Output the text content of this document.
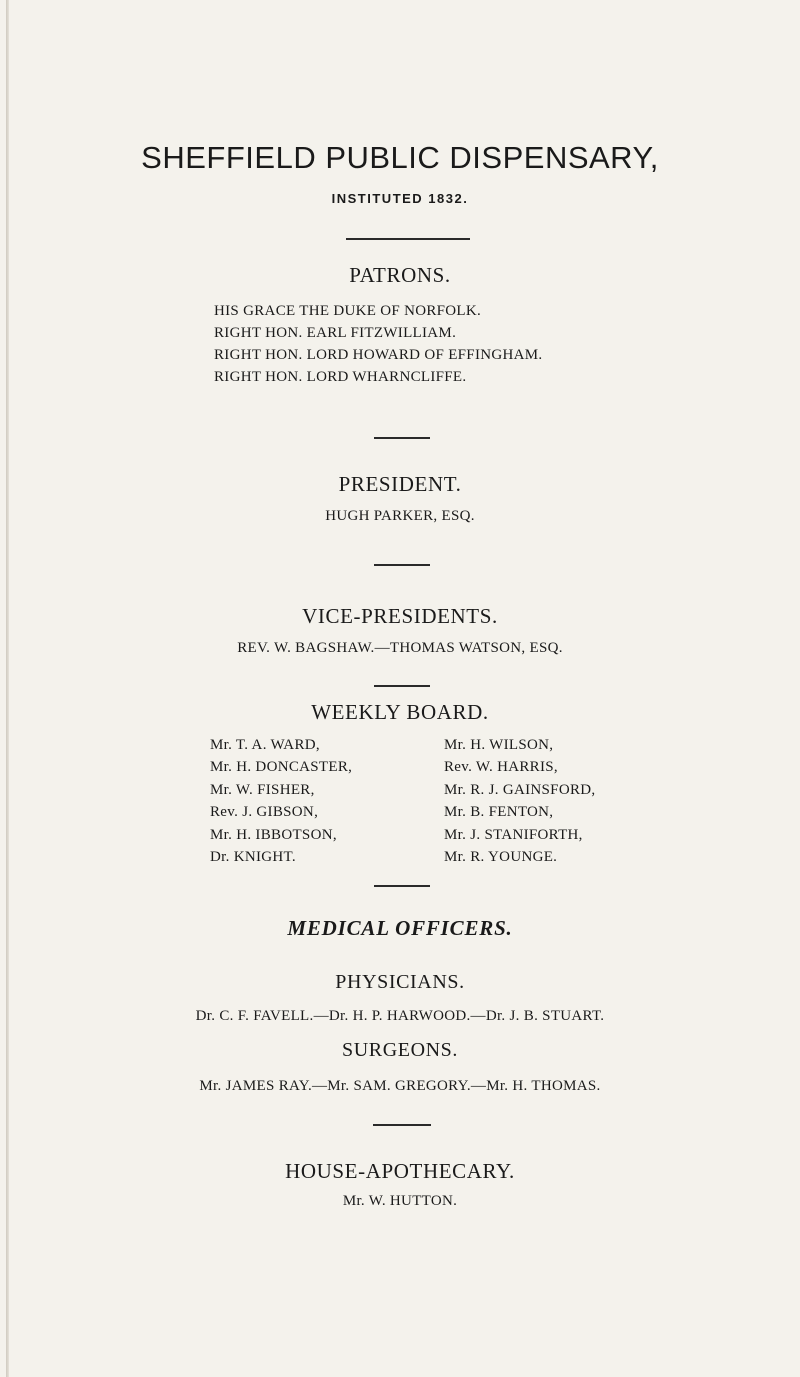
SHEFFIELD PUBLIC DISPENSARY,
INSTITUTED 1832.
PATRONS.
HIS GRACE THE DUKE OF NORFOLK.
RIGHT HON. EARL FITZWILLIAM.
RIGHT HON. LORD HOWARD OF EFFINGHAM.
RIGHT HON. LORD WHARNCLIFFE.
PRESIDENT.
HUGH PARKER, ESQ.
VICE-PRESIDENTS.
REV. W. BAGSHAW.—THOMAS WATSON, ESQ.
WEEKLY BOARD.
Mr. T. A. WARD,
Mr. H. DONCASTER,
Mr. W. FISHER,
Rev. J. GIBSON,
Mr. H. IBBOTSON,
Dr. KNIGHT.
Mr. H. WILSON,
Rev. W. HARRIS,
Mr. R. J. GAINSFORD,
Mr. B. FENTON,
Mr. J. STANIFORTH,
Mr. R. YOUNGE.
MEDICAL OFFICERS.
PHYSICIANS.
Dr. C. F. FAVELL.—Dr. H. P. HARWOOD.—Dr. J. B. STUART.
SURGEONS.
Mr. JAMES RAY.—Mr. SAM. GREGORY.—Mr. H. THOMAS.
HOUSE-APOTHECARY.
Mr. W. HUTTON.
